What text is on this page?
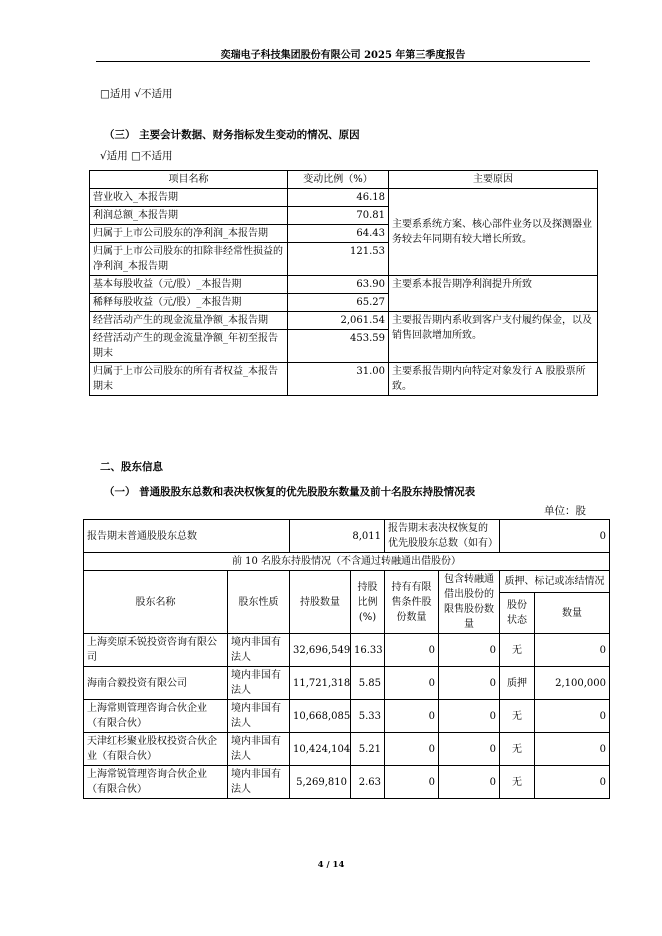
奕瑞电子科技集团股份有限公司 2025 年第三季度报告
□适用 √不适用
（三） 主要会计数据、财务指标发生变动的情况、原因
√适用 □不适用
项目名称	变动比例（%）	主要原因
营业收入_本报告期	46.18	主要系系统方案、核心部件业务以及探测器业务较去年同期有较大增长所致。
利润总额_本报告期	70.81	
归属于上市公司股东的净利润_本报告期	64.43	
归属于上市公司股东的扣除非经常性损益的净利润_本报告期	121.53	
基本每股收益（元/股）_本报告期	63.90	主要系本报告期净利润提升所致
稀释每股收益（元/股）_本报告期	65.27	
经营活动产生的现金流量净额_本报告期	2,061.54	主要报告期内系收到客户支付履约保金，以及销售回款增加所致。
经营活动产生的现金流量净额_年初至报告期末	453.59	
归属于上市公司股东的所有者权益_本报告期末	31.00	主要系报告期内向特定对象发行 A 股股票所致。
二、股东信息
（一） 普通股股东总数和表决权恢复的优先股股东数量及前十名股东持股情况表
单位：股
报告期末普通股股东总数		8,011		报告期末表决权恢复的优先股股东总数（如有）		0	
前 10 名股东持股情况（不含通过转融通出借股份）							
股东名称	股东性质	持股数量	持股比例(%)	持有有限售条件股份数量	包含转融通借出股份的限售股份数量	质押、标记或冻结情况	
						股份状态	数量
上海奕原禾锐投资咨询有限公司	境内非国有法人	32,696,549	16.33	0	0	无	0
海南合毅投资有限公司	境内非国有法人	11,721,318	5.85	0	0	质押	2,100,000
上海常则管理咨询合伙企业（有限合伙）	境内非国有法人	10,668,085	5.33	0	0	无	0
天津红杉聚业股权投资合伙企业（有限合伙）	境内非国有法人	10,424,104	5.21	0	0	无	0
上海常锐管理咨询合伙企业（有限合伙）	境内非国有法人	5,269,810	2.63	0	0	无	0
4 / 14
